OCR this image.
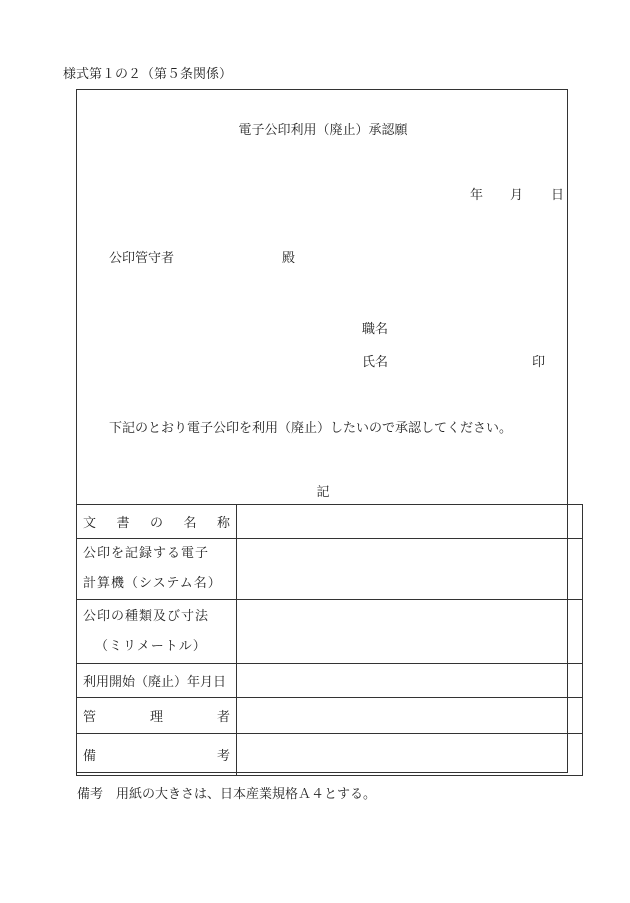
様式第１の２（第５条関係）
電子公印利用（廃止）承認願
年 月 日
公印管守者	殿
職名
氏名	印
下記のとおり電子公印を利用（廃止）したいので承認してください。
記
文 書 の 名 称	

公印を記録する電子
計算機（システム名）	

公印の種類及び寸法
（ミリメートル）	

利用開始（廃止）年月日	

管 理 者	

備 考	

備考　用紙の大きさは、日本産業規格Ａ４とする。
